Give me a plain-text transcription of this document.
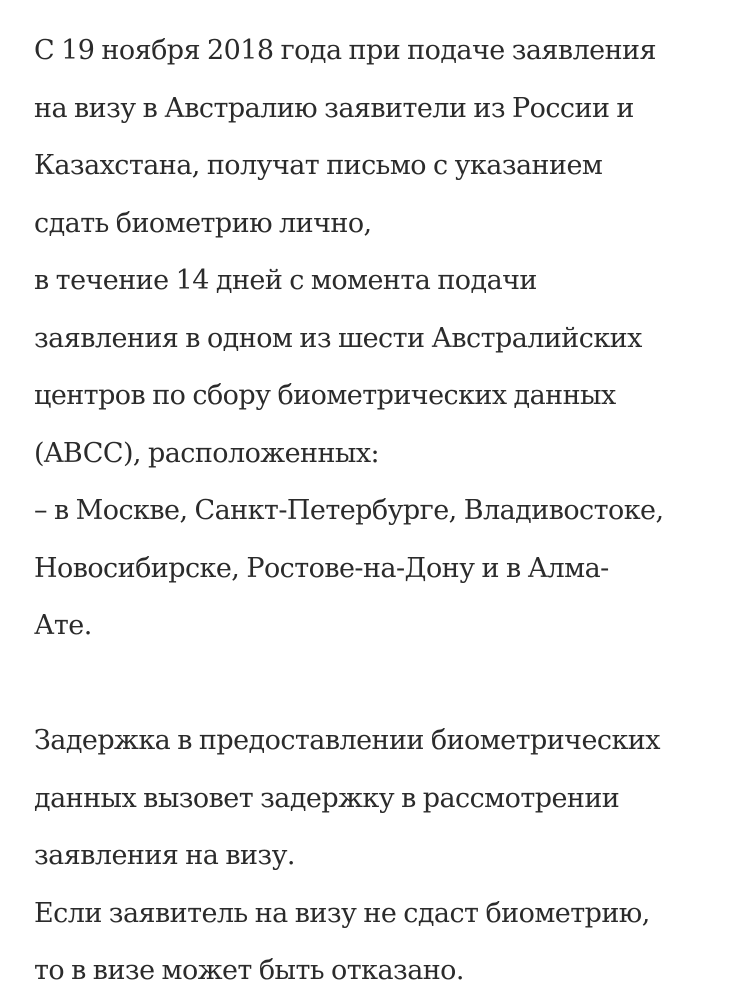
С 19 ноября 2018 года при подаче заявления
на визу в Австралию заявители из России и
Казахстана, получат письмо с указанием
сдать биометрию лично,
в течение 14 дней с момента подачи
заявления в одном из шести Австралийских
центров по сбору биометрических данных
(ABCC), расположенных:
– в Москве, Санкт-Петербурге, Владивостоке,
Новосибирске, Ростове-на-Дону и в Алма-
Ате.

Задержка в предоставлении биометрических
данных вызовет задержку в рассмотрении
заявления на визу.
Если заявитель на визу не сдаст биометрию,
то в визе может быть отказано.
